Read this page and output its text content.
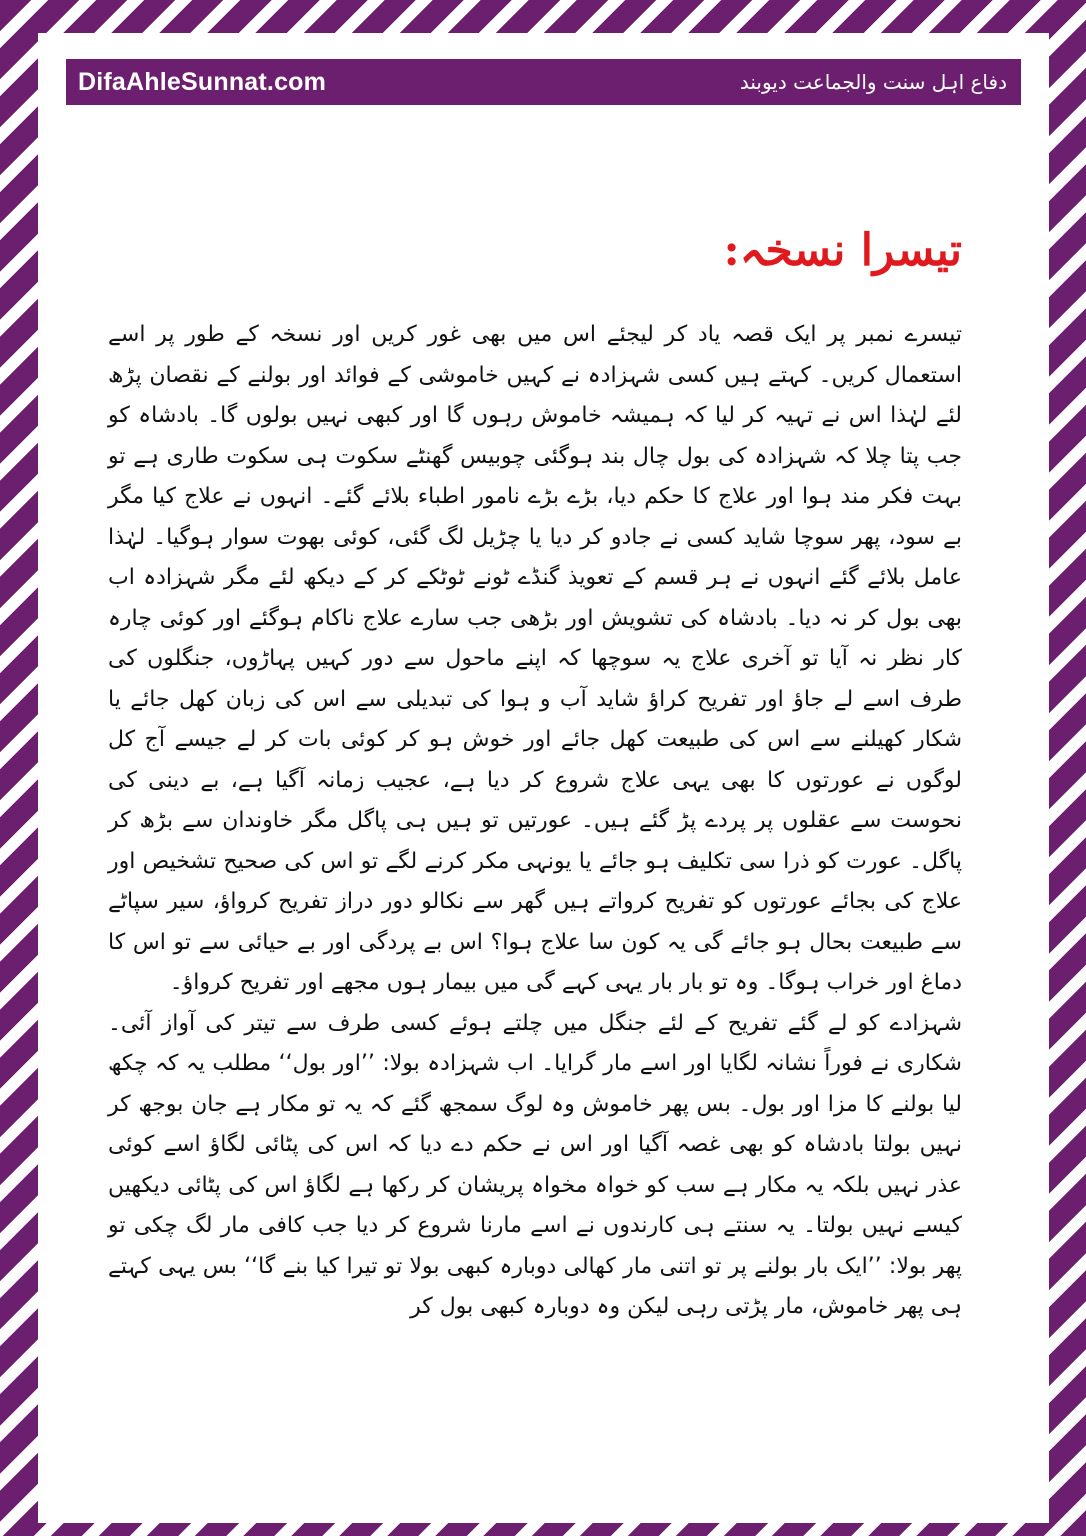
DifaAhleSunnat.com	دفاع اہل سنت والجماعت دیوبند
تیسرا نسخہ:

تیسرے نمبر پر ایک قصہ یاد کر لیجئے اس میں بھی غور کریں اور نسخہ کے طور پر اسے استعمال کریں۔ کہتے ہیں کسی شہزادہ نے کہیں خاموشی کے فوائد اور بولنے کے نقصان پڑھ لئے لہٰذا اس نے تہیہ کر لیا کہ ہمیشہ خاموش رہوں گا اور کبھی نہیں بولوں گا۔ بادشاہ کو جب پتا چلا کہ شہزادہ کی بول چال بند ہوگئی چوبیس گھنٹے سکوت ہی سکوت طاری ہے تو بہت فکر مند ہوا اور علاج کا حکم دیا، بڑے بڑے نامور اطباء بلائے گئے۔ انہوں نے علاج کیا مگر بے سود، پھر سوچا شاید کسی نے جادو کر دیا یا چڑیل لگ گئی، کوئی بھوت سوار ہوگیا۔ لہٰذا عامل بلائے گئے انہوں نے ہر قسم کے تعویذ گنڈے ٹونے ٹوٹکے کر کے دیکھ لئے مگر شہزادہ اب بھی بول کر نہ دیا۔ بادشاہ کی تشویش اور بڑھی جب سارے علاج ناکام ہوگئے اور کوئی چارہ کار نظر نہ آیا تو آخری علاج یہ سوچھا کہ اپنے ماحول سے دور کہیں پہاڑوں، جنگلوں کی طرف اسے لے جاؤ اور تفریح کراؤ شاید آب و ہوا کی تبدیلی سے اس کی زبان کھل جائے یا شکار کھیلنے سے اس کی طبیعت کھل جائے اور خوش ہو کر کوئی بات کر لے جیسے آج کل لوگوں نے عورتوں کا بھی یہی علاج شروع کر دیا ہے، عجیب زمانہ آگیا ہے، بے دینی کی نحوست سے عقلوں پر پردے پڑ گئے ہیں۔ عورتیں تو ہیں ہی پاگل مگر خاوندان سے بڑھ کر پاگل۔ عورت کو ذرا سی تکلیف ہو جائے یا یونہی مکر کرنے لگے تو اس کی صحیح تشخیص اور علاج کی بجائے عورتوں کو تفریح کرواتے ہیں گھر سے نکالو دور دراز تفریح کرواؤ، سیر سپاٹے سے طبیعت بحال ہو جائے گی یہ کون سا علاج ہوا؟ اس بے پردگی اور بے حیائی سے تو اس کا دماغ اور خراب ہوگا۔ وہ تو بار بار یہی کہے گی میں بیمار ہوں مجھے اور تفریح کرواؤ۔

شہزادے کو لے گئے تفریح کے لئے جنگل میں چلتے ہوئے کسی طرف سے تیتر کی آواز آئی۔ شکاری نے فوراً نشانہ لگایا اور اسے مار گرایا۔ اب شہزادہ بولا: ’’اور بول‘‘ مطلب یہ کہ چکھ لیا بولنے کا مزا اور بول۔ بس پھر خاموش وہ لوگ سمجھ گئے کہ یہ تو مکار ہے جان بوجھ کر نہیں بولتا بادشاہ کو بھی غصہ آگیا اور اس نے حکم دے دیا کہ اس کی پٹائی لگاؤ اسے کوئی عذر نہیں بلکہ یہ مکار ہے سب کو خواہ مخواہ پریشان کر رکھا ہے لگاؤ اس کی پٹائی دیکھیں کیسے نہیں بولتا۔ یہ سنتے ہی کارندوں نے اسے مارنا شروع کر دیا جب کافی مار لگ چکی تو پھر بولا: ’’ایک بار بولنے پر تو اتنی مار کھالی دوبارہ کبھی بولا تو تیرا کیا بنے گا‘‘ بس یہی کہتے ہی پھر خاموش، مار پڑتی رہی لیکن وہ دوبارہ کبھی بول کر
